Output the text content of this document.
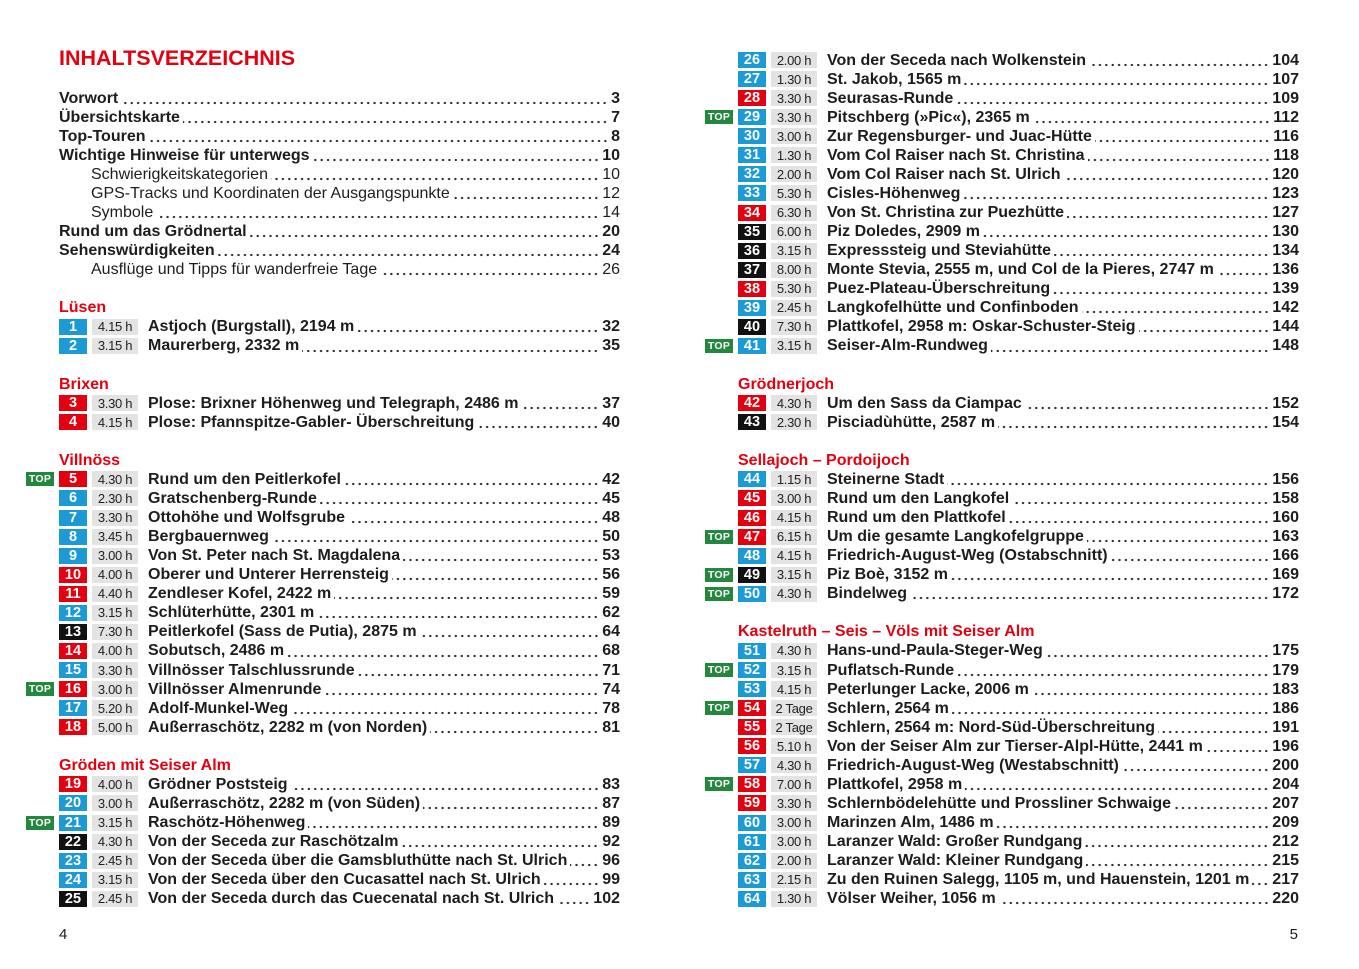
INHALTSVERZEICHNIS
Vorwort	3
Übersichtskarte	7
Top-Touren	8
Wichtige Hinweise für unterwegs	10
Schwierigkeitskategorien	10
GPS-Tracks und Koordinaten der Ausgangspunkte	12
Symbole	14
Rund um das Grödnertal	20
Sehenswürdigkeiten	24
Ausflüge und Tipps für wanderfreie Tage	26
Lüsen
1	4.15 h Astjoch (Burgstall), 2194 m	32
2	3.15 h Maurerberg, 2332 m	35
Brixen
3	3.30 h Plose: Brixner Höhenweg und Telegraph, 2486 m	37
4	4.15 h Plose: Pfannspitze-Gabler- Überschreitung	40
Villnöss
TOP	5	4.30 h Rund um den Peitlerkofel	42
6	2.30 h Gratschenberg-Runde	45
7	3.30 h Ottohöhe und Wolfsgrube	48
8	3.45 h Bergbauernweg	50
9	3.00 h Von St. Peter nach St. Magdalena	53
10	4.00 h Oberer und Unterer Herrensteig	56
11	4.40 h Zendleser Kofel, 2422 m	59
12	3.15 h Schlüterhütte, 2301 m	62
13	7.30 h Peitlerkofel (Sass de Putia), 2875 m	64
14	4.00 h Sobutsch, 2486 m	68
15	3.30 h Villnösser Talschlussrunde	71
TOP 16	3.00 h Villnösser Almenrunde	74
17	5.20 h Adolf-Munkel-Weg	78
18	5.00 h Außerraschötz, 2282 m (von Norden)	81
Gröden mit Seiser Alm
19	4.00 h Grödner Poststeig	83
20	3.00 h Außerraschötz, 2282 m (von Süden)	87
TOP 21	3.15 h Raschötz-Höhenweg	89
22	4.30 h Von der Seceda zur Raschötzalm	92
23	2.45 h Von der Seceda über die Gamsbluthütte nach St. Ulrich 96
24	3.15 h Von der Seceda über den Cucasattel nach St. Ulrich	99
25	2.45 h Von der Seceda durch das Cuecenatal nach St. Ulrich 102
4
26	2.00 h Von der Seceda nach Wolkenstein	104
27	1.30 h St. Jakob, 1565 m	107
28	3.30 h Seurasas-Runde	109
TOP 29	3.30 h Pitschberg (»Pic«), 2365 m	112
30	3.00 h Zur Regensburger- und Juac-Hütte	116
31	1.30 h Vom Col Raiser nach St. Christina	118
32	2.00 h Vom Col Raiser nach St. Ulrich	120
33	5.30 h Cisles-Höhenweg	123
34	6.30 h Von St. Christina zur Puezhütte	127
35	6.00 h Piz Doledes, 2909 m	130
36	3.15 h Expresssteig und Steviahütte	134
37	8.00 h Monte Stevia, 2555 m, und Col de la Pieres, 2747 m	136
38	5.30 h Puez-Plateau-Überschreitung	139
39	2.45 h Langkofelhütte und Confinboden	142
40	7.30 h Plattkofel, 2958 m: Oskar-Schuster-Steig	144
TOP 41	3.15 h Seiser-Alm-Rundweg	148
Grödnerjoch
42	4.30 h Um den Sass da Ciampac	152
43	2.30 h Pisciadùhütte, 2587 m	154
Sellajoch – Pordoijoch
44	1.15 h Steinerne Stadt	156
45	3.00 h Rund um den Langkofel	158
46	4.15 h Rund um den Plattkofel	160
TOP 47	6.15 h Um die gesamte Langkofelgruppe	163
48	4.15 h Friedrich-August-Weg (Ostabschnitt)	166
TOP 49	3.15 h Piz Boè, 3152 m	169
TOP 50	4.30 h Bindelweg	172
Kastelruth – Seis – Völs mit Seiser Alm
51	4.30 h Hans-und-Paula-Steger-Weg	175
TOP 52	3.15 h Puflatsch-Runde	179
53	4.15 h Peterlunger Lacke, 2006 m	183
TOP 54	2 Tage Schlern, 2564 m	186
55	2 Tage Schlern, 2564 m: Nord-Süd-Überschreitung	191
56	5.10 h Von der Seiser Alm zur Tierser-Alpl-Hütte, 2441 m	196
57	4.30 h Friedrich-August-Weg (Westabschnitt)	200
TOP 58	7.00 h Plattkofel, 2958 m	204
59	3.30 h Schlernbödelehütte und Prossliner Schwaige	207
60	3.00 h Marinzen Alm, 1486 m	209
61	3.00 h Laranzer Wald: Großer Rundgang	212
62	2.00 h Laranzer Wald: Kleiner Rundgang	215
63	2.15 h Zu den Ruinen Salegg, 1105 m, und Hauenstein, 1201 m 217
64	1.30 h Völser Weiher, 1056 m	220
5
